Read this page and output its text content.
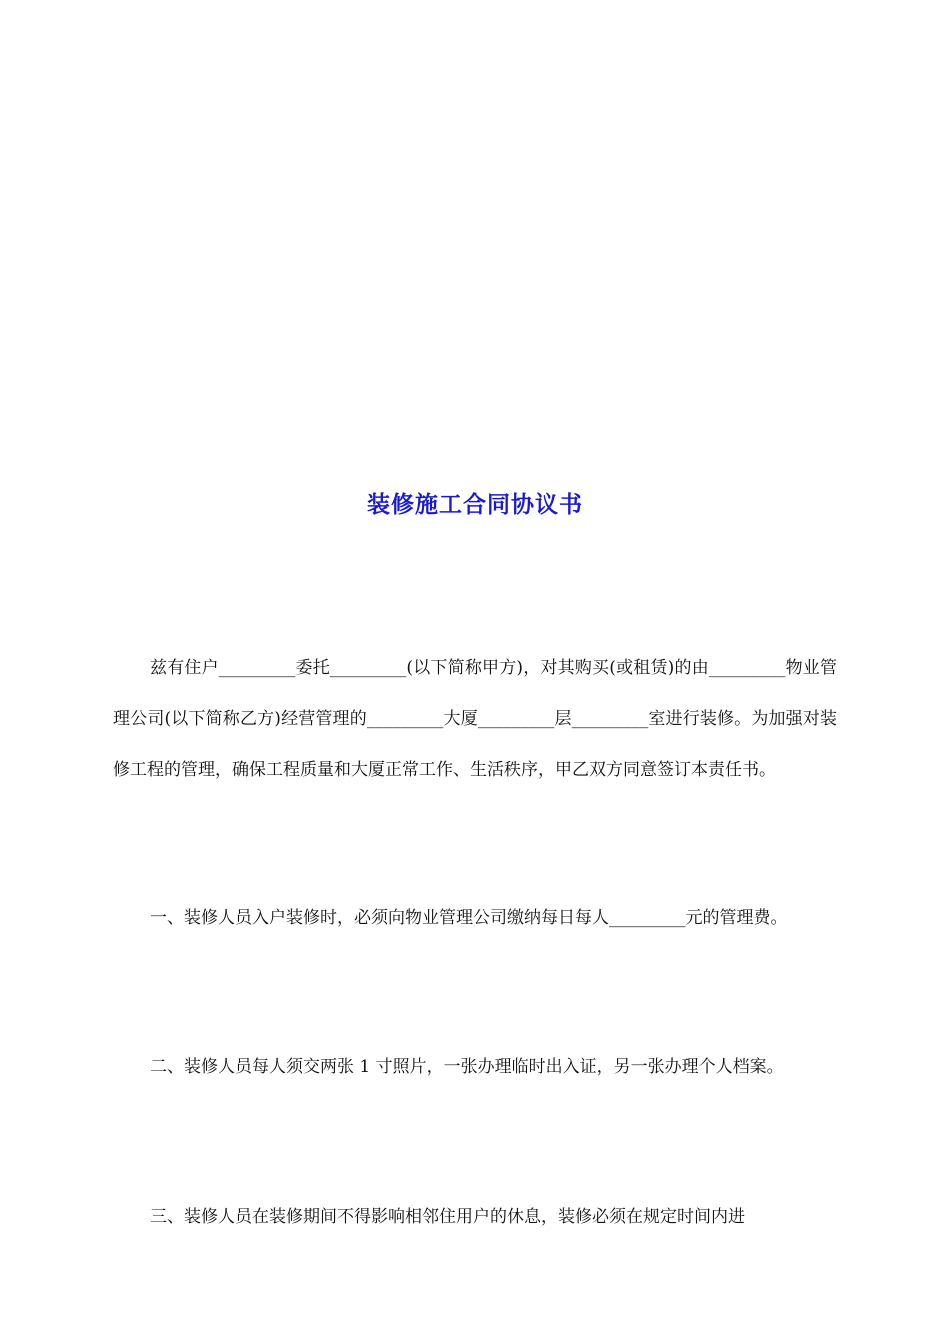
装修施工合同协议书

兹有住户_________委托_________(以下简称甲方)，对其购买(或租赁)的由_________物业管理公司(以下简称乙方)经营管理的_________大厦_________层_________室进行装修。为加强对装修工程的管理，确保工程质量和大厦正常工作、生活秩序，甲乙双方同意签订本责任书。

一、装修人员入户装修时，必须向物业管理公司缴纳每日每人_________元的管理费。

二、装修人员每人须交两张 1 寸照片，一张办理临时出入证，另一张办理个人档案。

三、装修人员在装修期间不得影响相邻住用户的休息，装修必须在规定时间内进
